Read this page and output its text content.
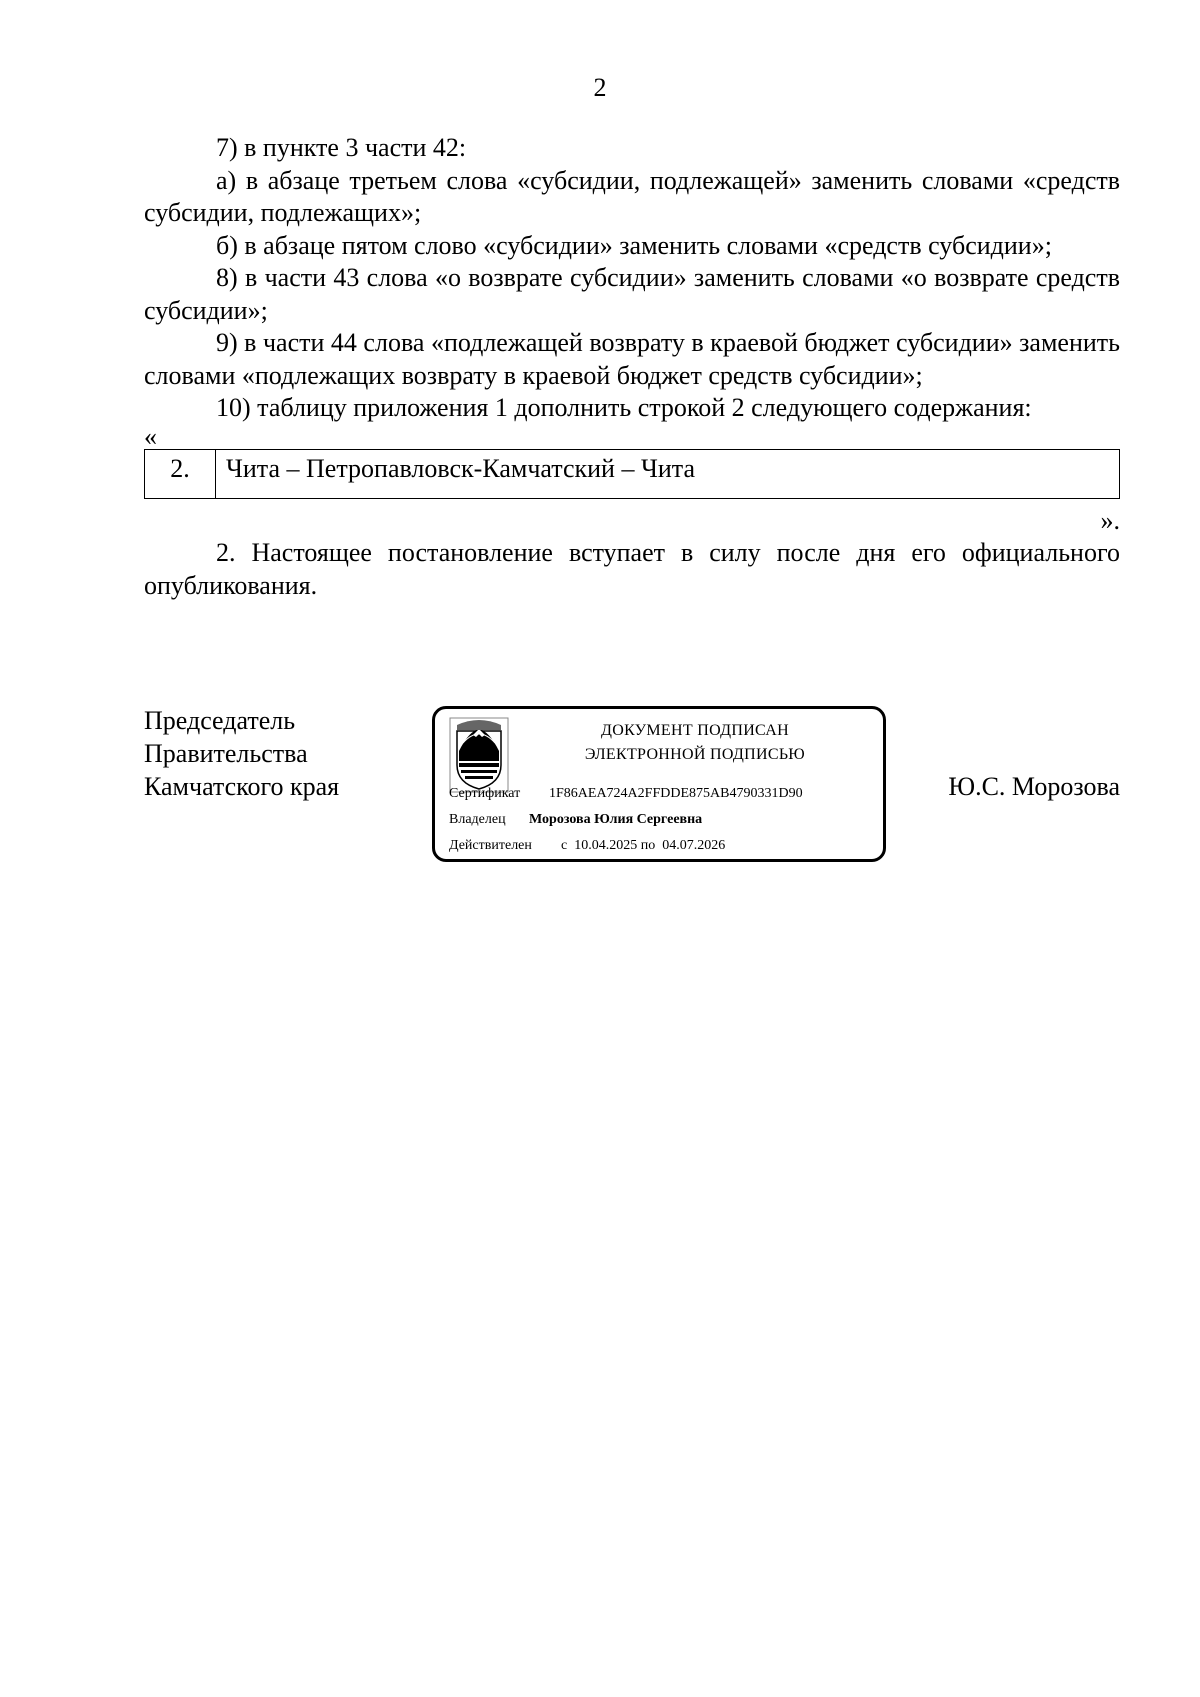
2

7) в пункте 3 части 42:

а) в абзаце третьем слова «субсидии, подлежащей» заменить словами «средств субсидии, подлежащих»;

б) в абзаце пятом слово «субсидии» заменить словами «средств субсидии»;

8) в части 43 слова «о возврате субсидии» заменить словами «о возврате средств субсидии»;

9) в части 44 слова «подлежащей возврату в краевой бюджет субсидии» заменить словами «подлежащих возврату в краевой бюджет средств субсидии»;

10) таблицу приложения 1 дополнить строкой 2 следующего содержания:

«

2.	Чита – Петропавловск-Камчатский – Чита

».

2. Настоящее постановление вступает в силу после дня его официального опубликования.

Председатель
Правительства
Камчатского края
ДОКУМЕНТ ПОДПИСАН
ЭЛЕКТРОННОЙ ПОДПИСЬЮ
Сертификат 1F86AEA724A2FFDDE875AB4790331D90
Владелец Морозова Юлия Сергеевна
Действителен с  10.04.2025 по  04.07.2026
Ю.С. Морозова
